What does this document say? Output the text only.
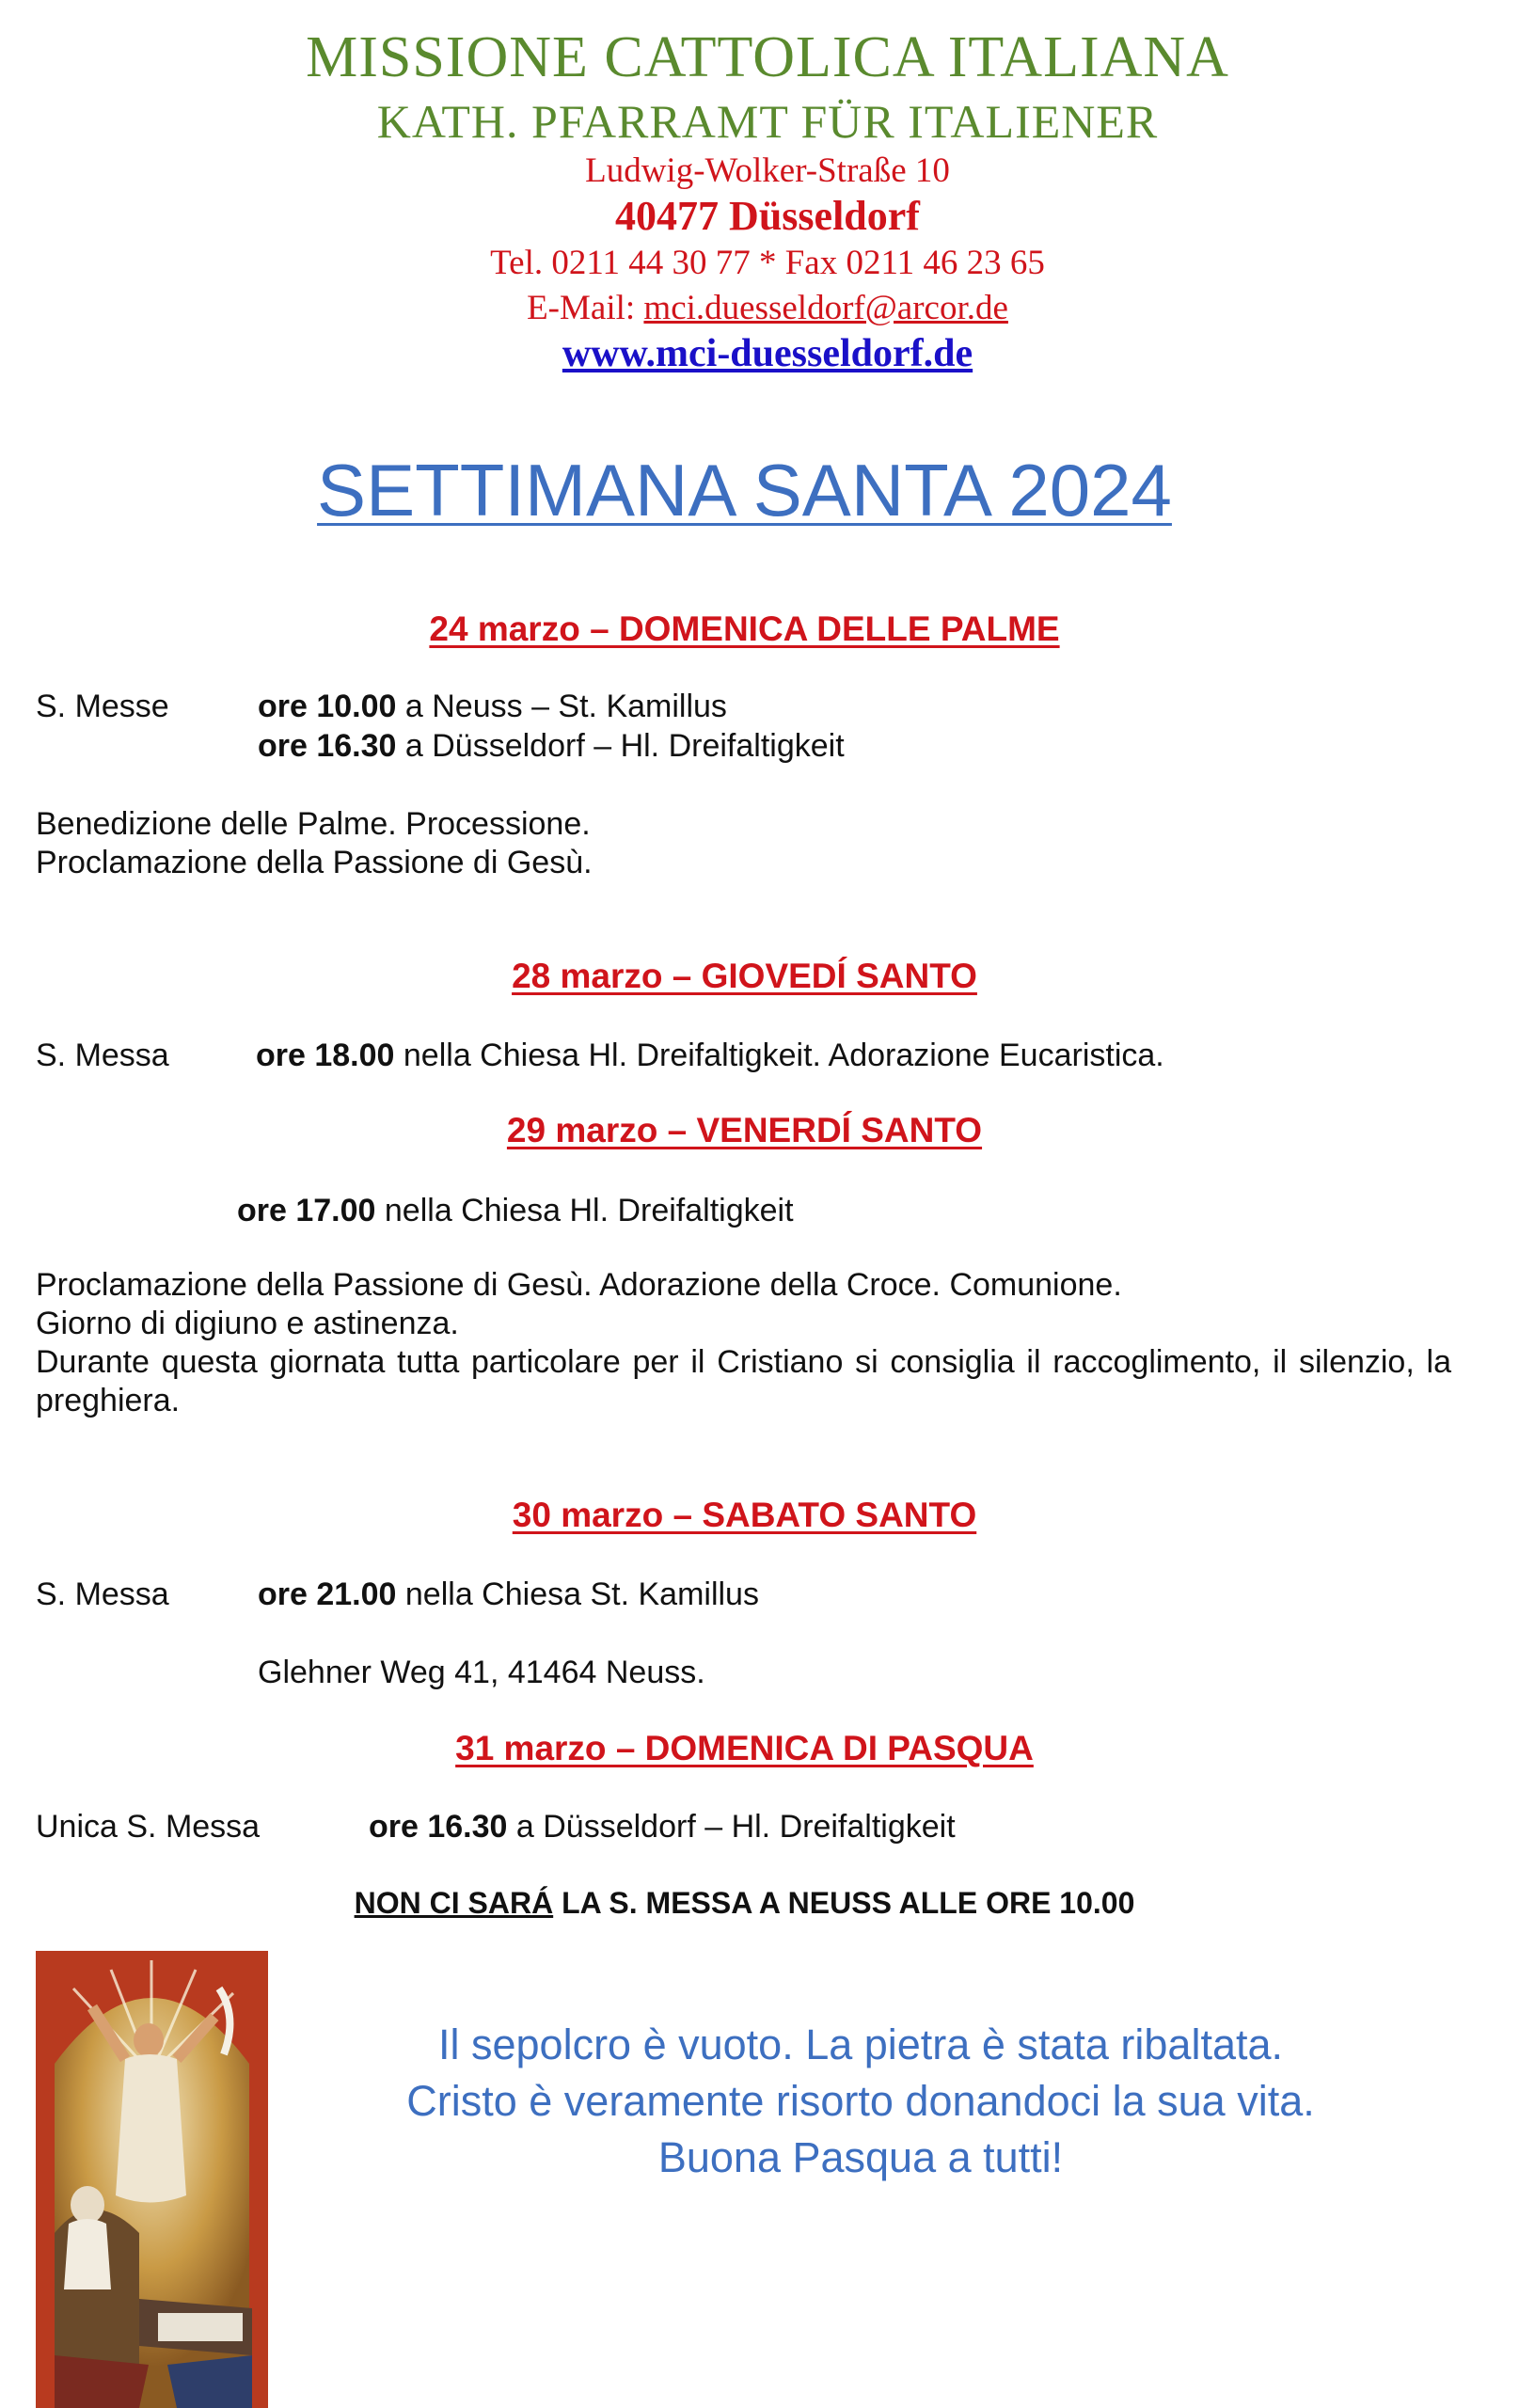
MISSIONE CATTOLICA ITALIANA
KATH. PFARRAMT FÜR ITALIENER
Ludwig-Wolker-Straße 10
40477 Düsseldorf
Tel. 0211 44 30 77 * Fax 0211 46 23 65
E-Mail: mci.duesseldorf@arcor.de
www.mci-duesseldorf.de
SETTIMANA SANTA 2024
24 marzo – DOMENICA DELLE PALME
S. Messe	ore 10.00 a Neuss – St. Kamillus
ore 16.30 a Düsseldorf – Hl. Dreifaltigkeit
Benedizione delle Palme. Processione.
Proclamazione della Passione di Gesù.
28 marzo – GIOVEDÍ SANTO
S. Messa	ore 18.00 nella Chiesa Hl. Dreifaltigkeit. Adorazione Eucaristica.
29 marzo – VENERDÍ SANTO
ore 17.00 nella Chiesa Hl. Dreifaltigkeit
Proclamazione della Passione di Gesù. Adorazione della Croce. Comunione.
Giorno di digiuno e astinenza.
Durante questa giornata tutta particolare per il Cristiano si consiglia il raccoglimento, il silenzio, la preghiera.
30 marzo – SABATO SANTO
S. Messa	ore 21.00 nella Chiesa St. Kamillus
Glehner Weg 41, 41464 Neuss.
31 marzo – DOMENICA DI PASQUA
Unica S. Messa	ore 16.30 a Düsseldorf – Hl. Dreifaltigkeit
NON CI SARÁ LA S. MESSA A NEUSS ALLE ORE 10.00
Il sepolcro è vuoto. La pietra è stata ribaltata.
Cristo è veramente risorto donandoci la sua vita.
Buona Pasqua a tutti!
